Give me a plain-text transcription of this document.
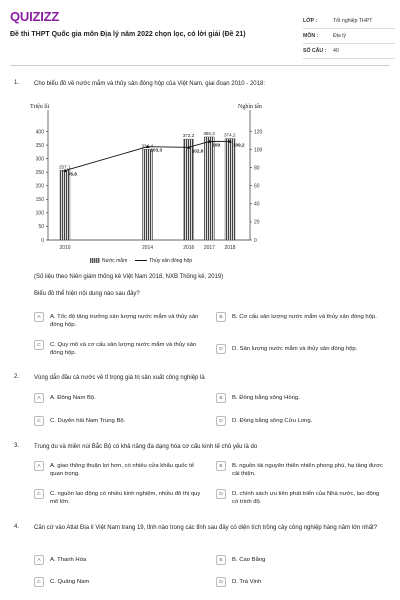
QUIZIZZ
Đề thi THPT Quốc gia môn Địa lý năm 2022 chọn lọc, có lời giải (Đề 21)
LỚP :	Tốt nghiệp THPT
MÔN :	Địa lý
SỐ CÂU :	40
1. Cho biểu đồ về nước mắm và thủy sản đóng hộp của Việt Nam, giai đoạn 2010 - 2018:
0
50
100
150
200
250
300
350
400
0
20
40
60
80
100
120
Triệu lít	Nghìn tấn
257,1
2010
334,4
2014
372,2
2016
380,2
2017
374,2
2018
76,8
103,3	102,6
109	109,2
Nước mắm	Thủy sản đóng hộp
(Số liệu theo Niên giám thống kê Việt Nam 2018, NXB Thống kê, 2019)
Biểu đồ thể hiện nội dung nào sau đây?
A	A. Tốc độ tăng trưởng sản lượng nước mắm và thủy sản đóng hộp.
B	B. Cơ cấu sản lượng nước mắm và thủy sản đóng hộp.
C	C. Quy mô và cơ cấu sản lượng nước mắm và thủy sản đóng hộp.
D	D. Sản lượng nước mắm và thủy sản đóng hộp.
2. Vùng dẫn đầu cả nước về tỉ trọng giá trị sản xuất công nghiệp là
A	A. Đông Nam Bộ.	B	B. Đồng bằng sông Hồng.
C	C. Duyên hải Nam Trung Bộ.	D	D. Đồng bằng sông Cửu Long.
3. Trung du và miền núi Bắc Bộ có khả năng đa dạng hóa cơ cấu kinh tế chủ yếu là do
A	A. giao thông thuận lợi hơn, có nhiều cửa khẩu quốc tế quan trọng.
B	B. nguồn tài nguyên thiên nhiên phong phú, hạ tầng được cải thiện.
C	C. nguồn lao động có nhiều kinh nghiệm, nhiều đô thị quy mô lớn.
D	D. chính sách ưu tiên phát triển của Nhà nước, lao động có trình độ.
4. Căn cứ vào Atlat Địa lí Việt Nam trang 19, tỉnh nào trong các tỉnh sau đây có diện tích trồng cây công nghiệp hàng năm lớn nhất?
A	A. Thanh Hóa	B	B. Cao Bằng
C	C. Quảng Nam	D	D. Trà Vinh
